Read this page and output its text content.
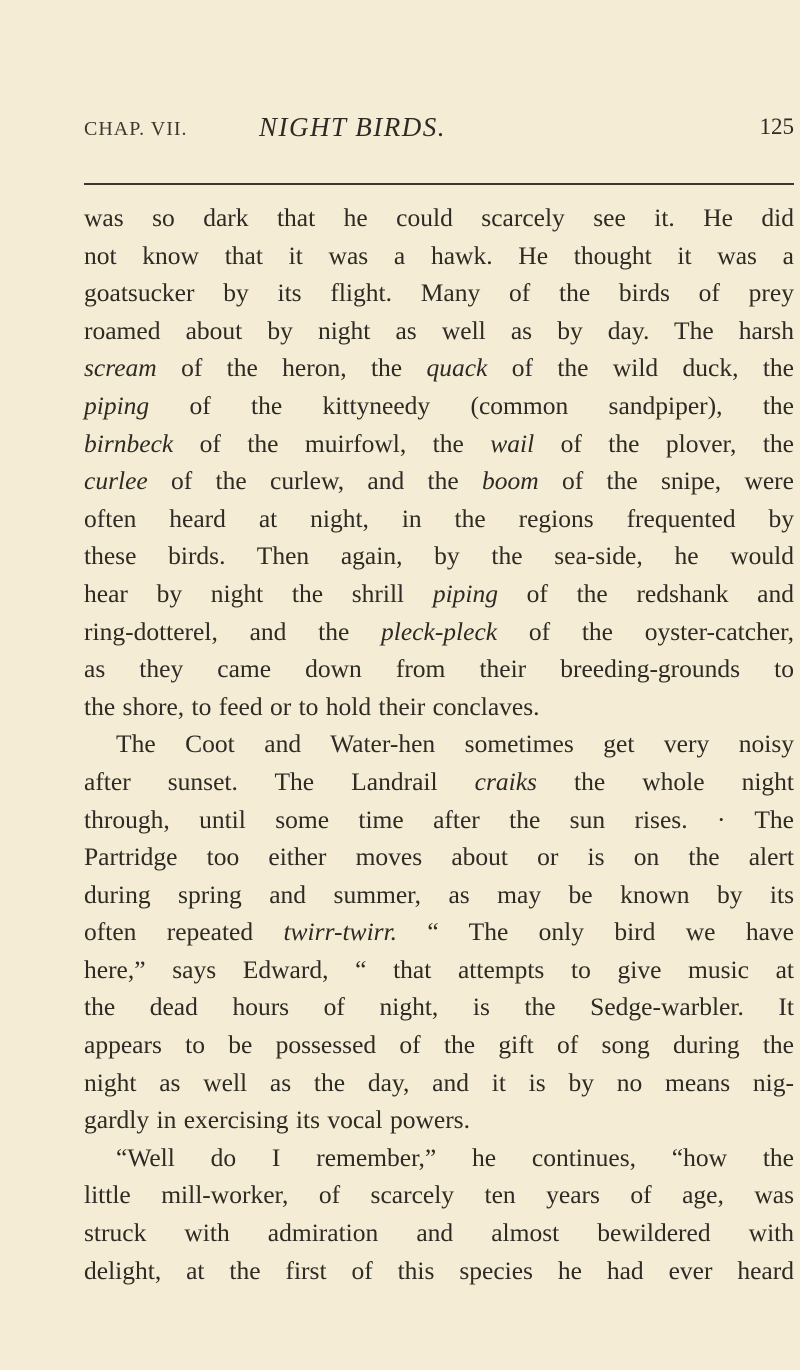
CHAP. VII.	NIGHT BIRDS.	125
was so dark that he could scarcely see it. He did
not know that it was a hawk. He thought it was a
goatsucker by its flight. Many of the birds of prey
roamed about by night as well as by day. The harsh
scream of the heron, the quack of the wild duck, the
piping of the kittyneedy (common sandpiper), the
birnbeck of the muirfowl, the wail of the plover, the
curlee of the curlew, and the boom of the snipe, were
often heard at night, in the regions frequented by
these birds. Then again, by the sea-side, he would
hear by night the shrill piping of the redshank and
ring-dotterel, and the pleck-pleck of the oyster-catcher,
as they came down from their breeding-grounds to
the shore, to feed or to hold their conclaves.
The Coot and Water-hen sometimes get very noisy
after sunset. The Landrail craiks the whole night
through, until some time after the sun rises. · The
Partridge too either moves about or is on the alert
during spring and summer, as may be known by its
often repeated twirr-twirr. “ The only bird we have
here,” says Edward, “ that attempts to give music at
the dead hours of night, is the Sedge-warbler. It
appears to be possessed of the gift of song during the
night as well as the day, and it is by no means nig-
gardly in exercising its vocal powers.
“Well do I remember,” he continues, “how the
little mill-worker, of scarcely ten years of age, was
struck with admiration and almost bewildered with
delight, at the first of this species he had ever heard
